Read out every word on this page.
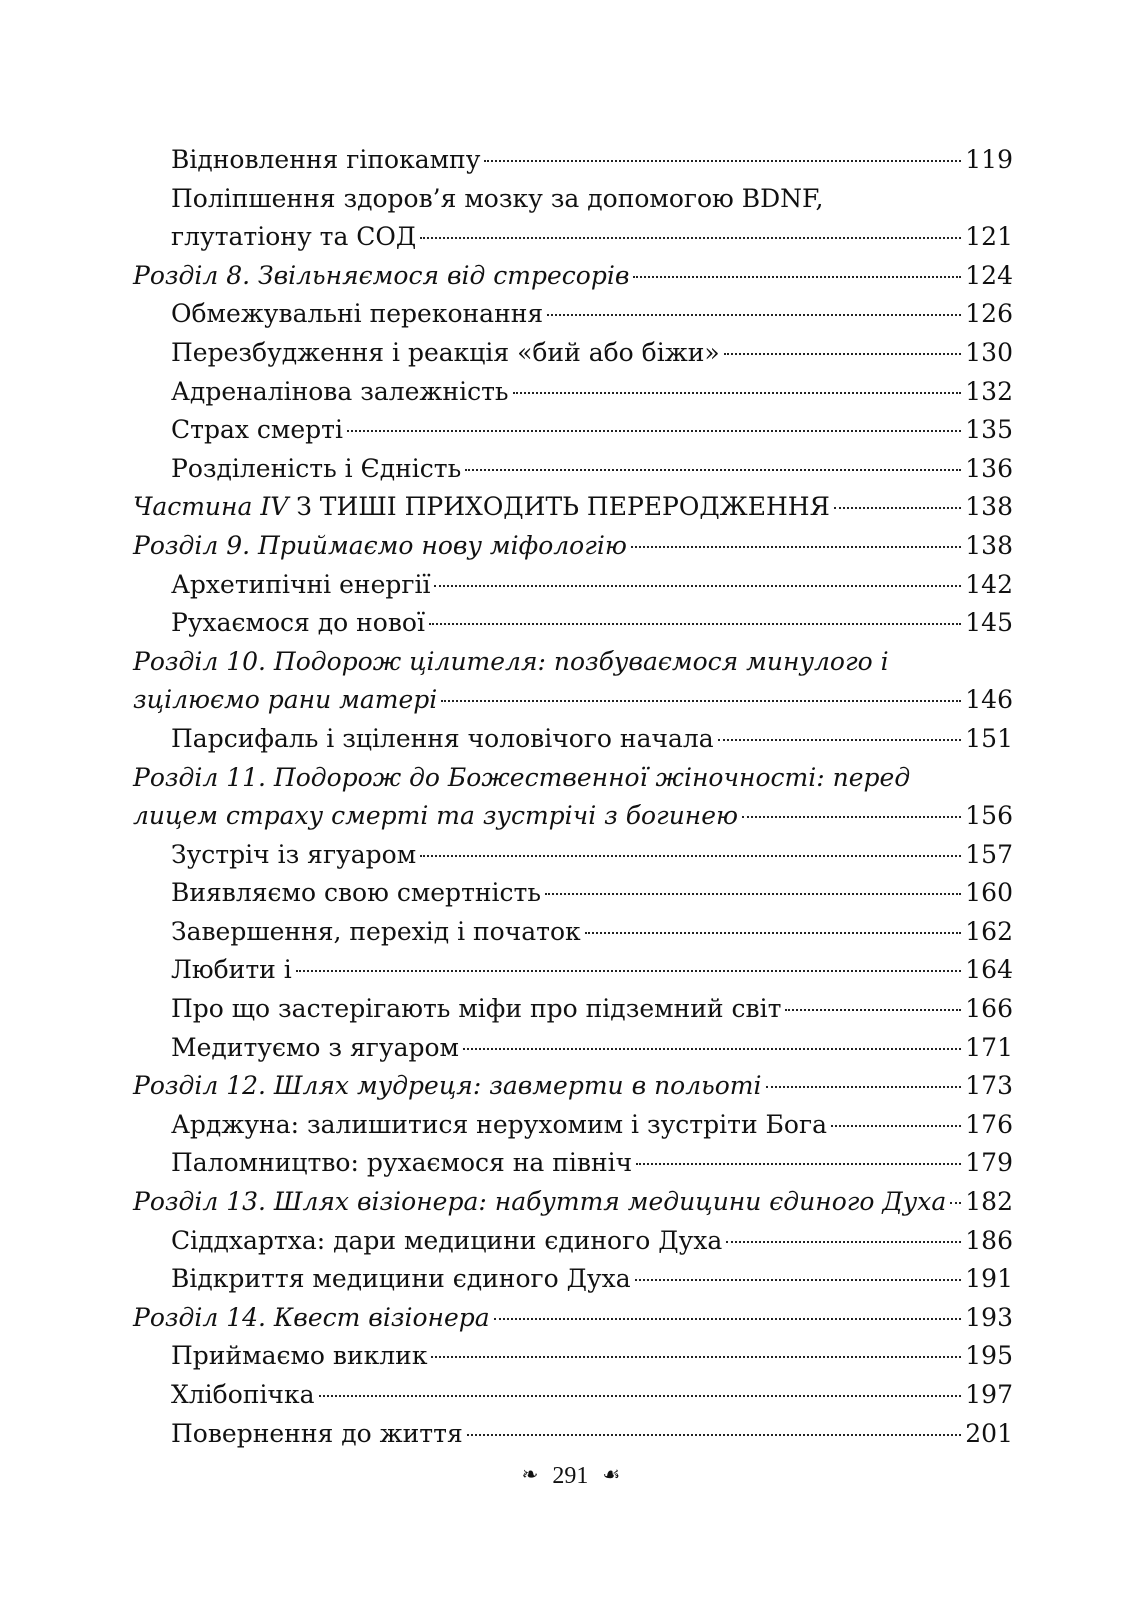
Відновлення гіпокампу	119
Поліпшення здоров’я мозку за допомогою BDNF,
глутатіону та СОД	121
Розділ 8. Звільняємося від стресорів	124
Обмежувальні переконання	126
Перезбудження і реакція «бий або біжи»	130
Адреналінова залежність	132
Страх смерті	135
Розділеність і Єдність	136
Частина IV З ТИШІ ПРИХОДИТЬ ПЕРЕРОДЖЕННЯ	138
Розділ 9. Приймаємо нову міфологію	138
Архетипічні енергії	142
Рухаємося до нової	145
Розділ 10. Подорож цілителя: позбуваємося минулого і
зцілюємо рани матері	146
Парсифаль і зцілення чоловічого начала	151
Розділ 11. Подорож до Божественної жіночності: перед
лицем страху смерті та зустрічі з богинею	156
Зустріч із ягуаром	157
Виявляємо свою смертність	160
Завершення, перехід і початок	162
Любити і	164
Про що застерігають міфи про підземний світ	166
Медитуємо з ягуаром	171
Розділ 12. Шлях мудреця: завмерти в польоті	173
Арджуна: залишитися нерухомим і зустріти Бога	176
Паломництво: рухаємося на північ	179
Розділ 13. Шлях візіонера: набуття медицини єдиного Духа 182
Сіддхартха: дари медицини єдиного Духа	186
Відкриття медицини єдиного Духа	191
Розділ 14. Квест візіонера	193
Приймаємо виклик	195
Хлібопічка	197
Повернення до життя	201
❧ 291 ☙
